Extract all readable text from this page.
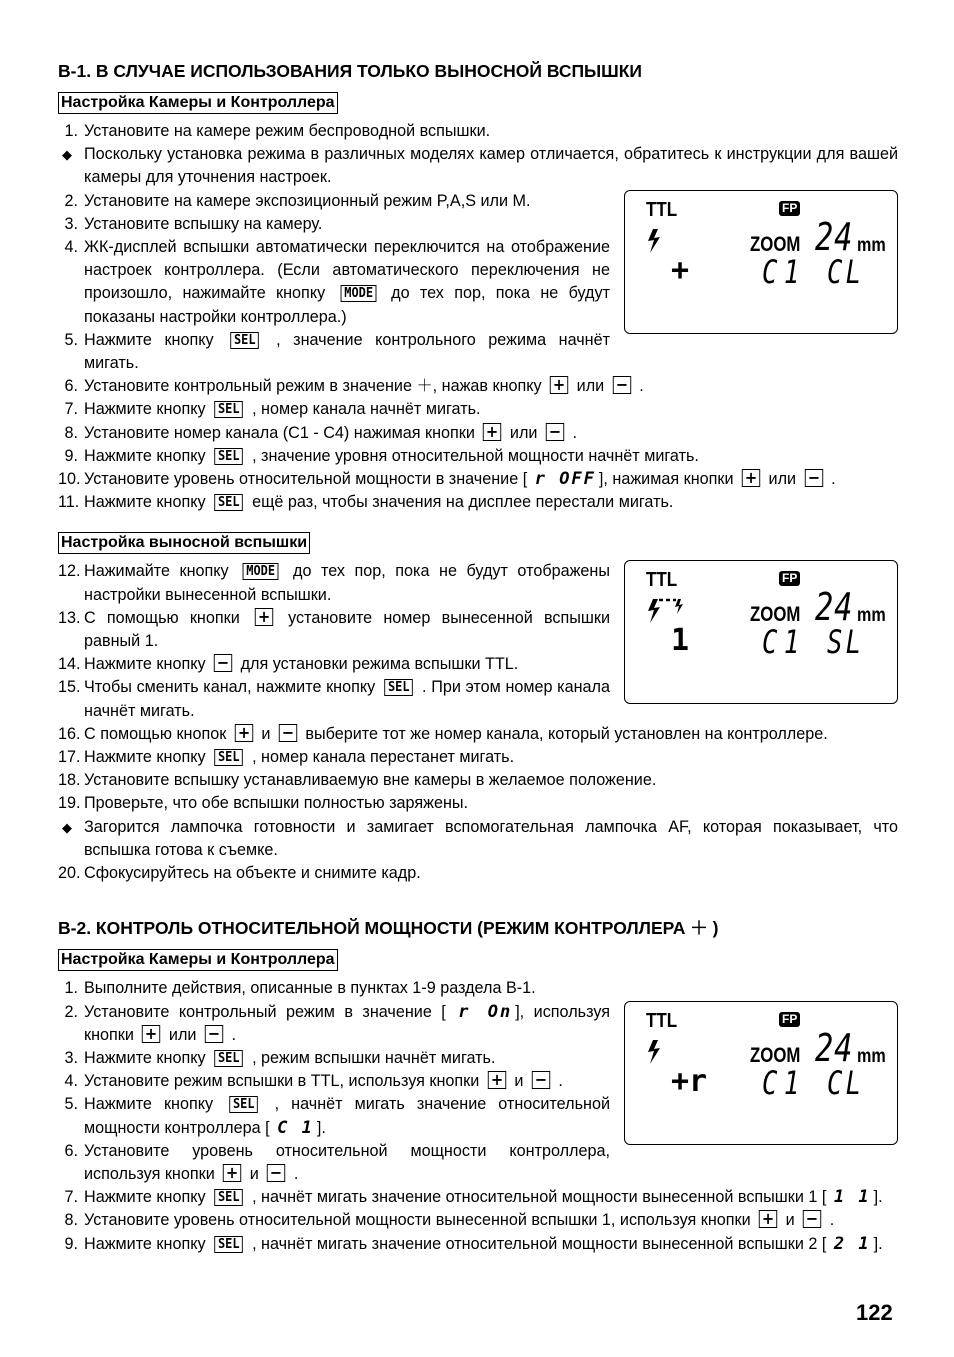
B-1. В СЛУЧАЕ ИСПОЛЬЗОВАНИЯ ТОЛЬКО ВЫНОСНОЙ ВСПЫШКИ
Настройка Камеры и Контроллера
1. Установите на камере режим беспроводной вспышки.
◆ Поскольку установка режима в различных моделях камер отличается, обратитесь к инструкции для вашей камеры для уточнения настроек.
TTL	FP
ZOOM 24 mm
+ C1 CL
2. Установите на камере экспозиционный режим P,A,S или M.
3. Установите вспышку на камеру.
4. ЖК-дисплей вспышки автоматически переключится на отображение настроек контроллера. (Если автоматического переключения не произошло, нажимайте кнопку MODE до тех пор, пока не будут показаны настройки контроллера.)
5. Нажмите кнопку SEL , значение контрольного режима начнёт мигать.
6. Установите контрольный режим в значение ＋, нажав кнопку + или − .
7. Нажмите кнопку SEL , номер канала начнёт мигать.
8. Установите номер канала (C1 - C4) нажимая кнопки + или − .
9. Нажмите кнопку SEL , значение уровня относительной мощности начнёт мигать.
10. Установите уровень относительной мощности в значение [ r OFF ], нажимая кнопки + или − .
11. Нажмите кнопку SEL ещё раз, чтобы значения на дисплее перестали мигать.
Настройка выносной вспышки
TTL	FP
ZOOM 24 mm
1 C1 SL
12. Нажимайте кнопку MODE до тех пор, пока не будут отображены настройки вынесенной вспышки.
13. С помощью кнопки + установите номер вынесенной вспышки равный 1.
14. Нажмите кнопку − для установки режима вспышки TTL.
15. Чтобы сменить канал, нажмите кнопку SEL . При этом номер канала начнёт мигать.
16. С помощью кнопок + и − выберите тот же номер канала, который установлен на контроллере.
17. Нажмите кнопку SEL , номер канала перестанет мигать.
18. Установите вспышку устанавливаемую вне камеры в желаемое положение.
19. Проверьте, что обе вспышки полностью заряжены.
◆ Загорится лампочка готовности и замигает вспомогательная лампочка AF, которая показывает, что вспышка готова к съемке.
20. Сфокусируйтесь на объекте и снимите кадр.
B-2. КОНТРОЛЬ ОТНОСИТЕЛЬНОЙ МОЩНОСТИ (РЕЖИМ КОНТРОЛЛЕРА ＋ )
Настройка Камеры и Контроллера
1. Выполните действия, описанные в пунктах 1-9 раздела B-1.
TTL	FP
ZOOM 24 mm
+r C1 CL
2. Установите контрольный режим в значение [ r On ], используя кнопки + или − .
3. Нажмите кнопку SEL , режим вспышки начнёт мигать.
4. Установите режим вспышки в TTL, используя кнопки + и − .
5. Нажмите кнопку SEL , начнёт мигать значение относительной мощности контроллера [ C 1 ].
6. Установите уровень относительной мощности контроллера, используя кнопки + и − .
7. Нажмите кнопку SEL , начнёт мигать значение относительной мощности вынесенной вспышки 1 [ 1 1 ].
8. Установите уровень относительной мощности вынесенной вспышки 1, используя кнопки + и − .
9. Нажмите кнопку SEL , начнёт мигать значение относительной мощности вынесенной вспышки 2 [ 2 1 ].
122
